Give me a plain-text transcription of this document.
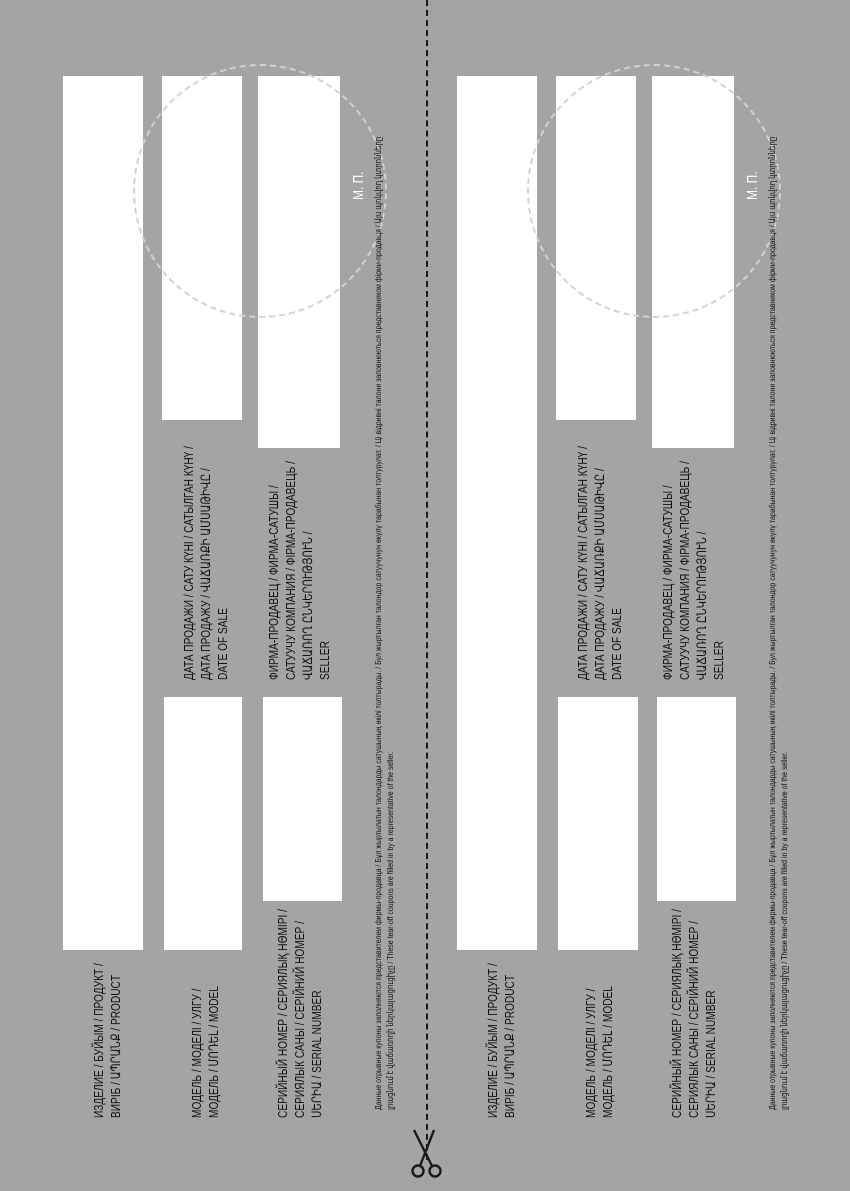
ИЗДЕЛИЕ / БУЙЫМ / ПРОДУКТ / ВИРІБ / ԱՊՐԱՆՔ / PRODUCT
ДАТА ПРОДАЖИ / САТУ КҮНІ / САТЫЛГАН КҮНҮ / ДАТА ПРОДАЖУ / ՎԱՃԱՌՔԻ ԱՄՍԱԹԻՎԸ / DATE OF SALE
МОДЕЛЬ / МОДЕЛІ / УЛГУ / МОДЕЛЬ / ՄՈԴԵԼ / MODEL
ФИРМА-ПРОДАВЕЦ / ФИРМА-САТУШЫ / САТУУЧУ КОМПАНИЯ / ФІРМА-ПРОДАВЕЦЬ / ՎԱՃԱՌՈՂ ԸՆԿԵՐՈՒԹՅՈՒՆ / SELLER
СЕРИЙНЫЙ НОМЕР / СЕРИЯЛЫҚ НӨМІРІ / СЕРИЯЛЫК САНЫ / СЕРІЙНИЙ НОМЕР / ՍԵՐԻԱ / SERIAL NUMBER
М. П. Данные отрывные купоны заполняются представителем фирмы-продавца / Бұл жыртылатын талондарды сатушының өкілі толтырады. / Бул жыртылган талондор сатуучунун өкүлү тарабынан толтурулат. / Ці відривні талони заповнюються представником фірми-продавця / Այս պոկվող կտրոնները լրացնում է վաճառողի ներկայացուցիչը / These tear-off coupons are filled in by a representative of the seller.	ИЗДЕЛИЕ / БУЙЫМ / ПРОДУКТ / ВИРІБ / ԱՊՐԱՆՔ / PRODUCT
ДАТА ПРОДАЖИ / САТУ КҮНІ / САТЫЛГАН КҮНҮ / ДАТА ПРОДАЖУ / ՎԱՃԱՌՔԻ ԱՄՍԱԹԻՎԸ / DATE OF SALE
МОДЕЛЬ / МОДЕЛІ / УЛГУ / МОДЕЛЬ / ՄՈԴԵԼ / MODEL
ФИРМА-ПРОДАВЕЦ / ФИРМА-САТУШЫ / САТУУЧУ КОМПАНИЯ / ФІРМА-ПРОДАВЕЦЬ / ՎԱՃԱՌՈՂ ԸՆԿԵՐՈՒԹՅՈՒՆ / SELLER
СЕРИЙНЫЙ НОМЕР / СЕРИЯЛЫҚ НӨМІРІ / СЕРИЯЛЫК САНЫ / СЕРІЙНИЙ НОМЕР / ՍԵՐԻԱ / SERIAL NUMBER
М. П. Данные отрывные купоны заполняются представителем фирмы-продавца / Бұл жыртылатын талондарды сатушының өкілі толтырады. / Бул жыртылган талондор сатуучунун өкүлү тарабынан толтурулат. / Ці відривні талони заповнюються представником фірми-продавця / Այս պոկվող կտրոնները լրացնում է վաճառողի ներկայացուցիչը / These tear-off coupons are filled in by a representative of the seller.
